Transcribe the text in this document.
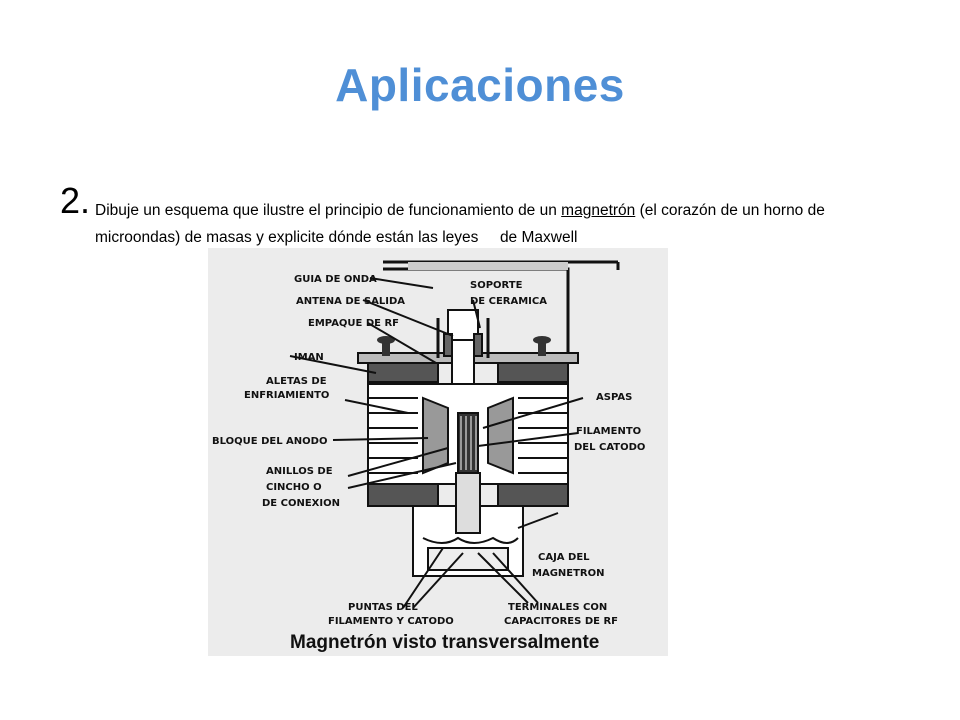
Aplicaciones
2. Dibuje un esquema que ilustre el principio de funcionamiento de un magnetrón (el corazón de un horno de microondas) de masas y explicite dónde están las leyes de Maxwell
GUIA DE ONDA
ANTENA DE SALIDA
EMPAQUE DE RF
IMAN
ALETAS DE
ENFRIAMIENTO
BLOQUE DEL ANODO
ANILLOS DE
CINCHO O
DE CONEXION
SOPORTE
DE CERAMICA
ASPAS
FILAMENTO
DEL CATODO
CAJA DEL
MAGNETRON
PUNTAS DEL
FILAMENTO Y CATODO
TERMINALES CON
CAPACITORES DE RF
Magnetrón visto transversalmente
